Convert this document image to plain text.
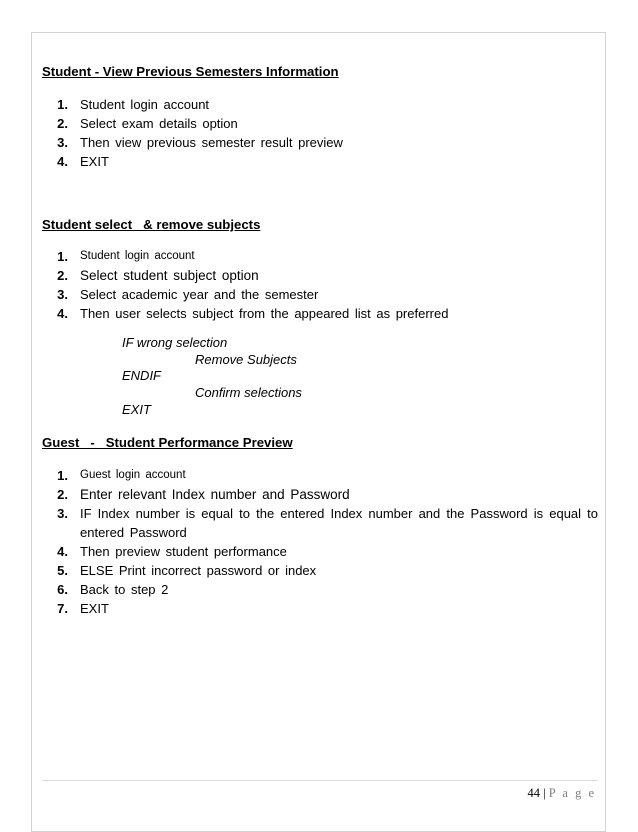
Student - View Previous Semesters Information
1. Student login account
2. Select exam details option
3. Then view previous semester result preview
4. EXIT
Student select   & remove subjects
1.	Student login account
2. Select student subject option
3. Select academic year and the semester
4. Then user selects subject from the appeared list as preferred
IF wrong selection
Remove Subjects
ENDIF
Confirm selections
EXIT
Guest   -   Student Performance Preview
1.	Guest login account
2. Enter relevant Index number and Password
3. IF Index number is equal to the entered Index number and the Password is equal to entered Password
4. Then preview student performance
5. ELSE Print incorrect password or index
6. Back to step 2
7. EXIT
44 | P a g e
